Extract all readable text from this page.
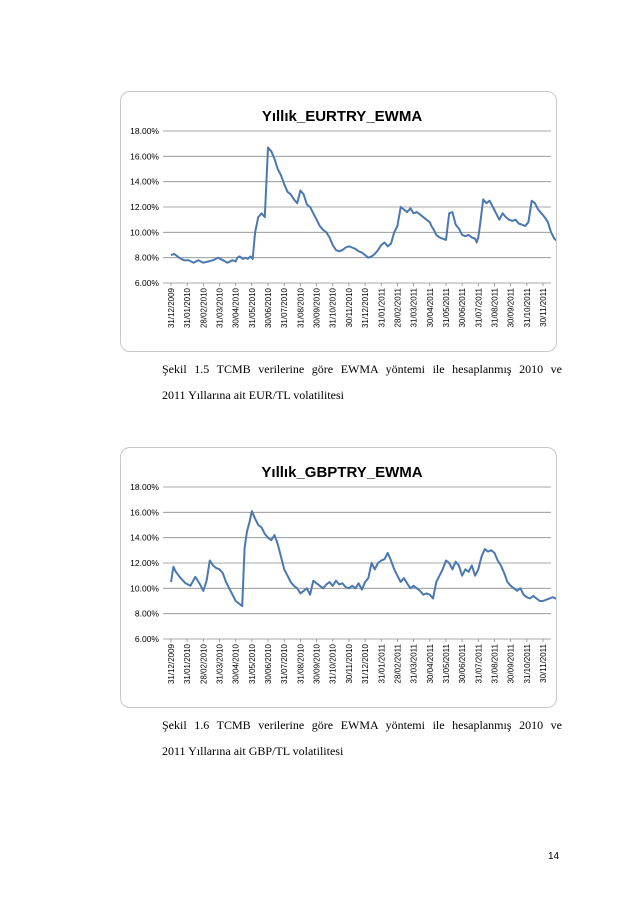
Yıllık_EURTRY_EWMA
6.00%
8.00%
10.00%
12.00%
14.00%
16.00%
18.00%
31/12/2009 31/01/2010 28/02/2010 31/03/2010 30/04/2010 31/05/2010 30/06/2010 31/07/2010 31/08/2010 30/09/2010 31/10/2010 30/11/2010 31/12/2010 31/01/2011 28/02/2011 31/03/2011 30/04/2011 31/05/2011 30/06/2011 31/07/2011 31/08/2011 30/09/2011 31/10/2011 30/11/2011

Şekil 1.5 TCMB verilerine göre EWMA yöntemi ile hesaplanmış 2010 ve
2011 Yıllarına ait EUR/TL volatilitesi

Yıllık_GBPTRY_EWMA
6.00%
8.00%
10.00%
12.00%
14.00%
16.00%
18.00%
31/12/2009 31/01/2010 28/02/2010 31/03/2010 30/04/2010 31/05/2010 30/06/2010 31/07/2010 31/08/2010 30/09/2010 31/10/2010 30/11/2010 31/12/2010 31/01/2011 28/02/2011 31/03/2011 30/04/2011 31/05/2011 30/06/2011 31/07/2011 31/08/2011 30/09/2011 31/10/2011 30/11/2011

Şekil 1.6 TCMB verilerine göre EWMA yöntemi ile hesaplanmış 2010 ve
2011 Yıllarına ait GBP/TL volatilitesi

14
